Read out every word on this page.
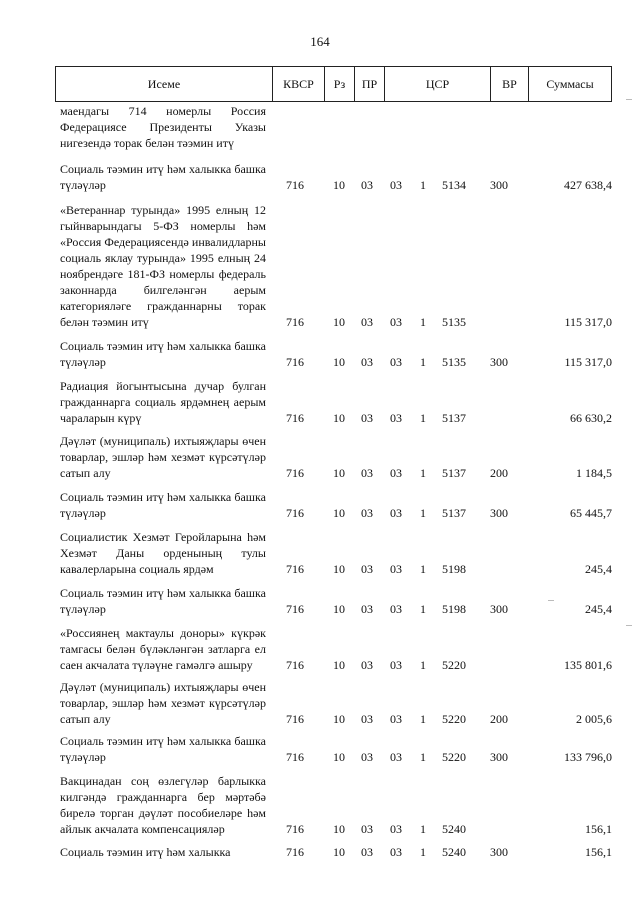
164
Исеме	КВСР	Рз	ПР	ЦСР	ВР	Суммасы
маендагы 714 номерлы Россия Федерациясе Президенты Указы нигезендә торак белән тәэмин итү
Социаль тәэмин итү һәм халыкка башка түләүләр	716 10 03 03 1 5134 300	427 638,4
«Ветераннар турында» 1995 елның 12 гыйнварындагы 5-ФЗ номерлы һәм «Россия Федерациясендә инвалидларны социаль яклау турында» 1995 елның 24 ноябрендәге 181-ФЗ номерлы федераль законнарда билгеләнгән аерым категорияләге гражданнарны торак белән тәэмин итү	716 10 03 03 1 5135	115 317,0
Социаль тәэмин итү һәм халыкка башка түләүләр	716 10 03 03 1 5135 300	115 317,0
Радиация йогынтысына дучар булган гражданнарга социаль ярдәмнең аерым чараларын күрү	716 10 03 03 1 5137	66 630,2
Дәүләт (муниципаль) ихтыяҗлары өчен товарлар, эшләр һәм хезмәт күрсәтүләр сатып алу	716 10 03 03 1 5137 200	1 184,5
Социаль тәэмин итү һәм халыкка башка түләүләр	716 10 03 03 1 5137 300	65 445,7
Социалистик Хезмәт Геройларына һәм Хезмәт Даны орденының тулы кавалерларына социаль ярдәм	716 10 03 03 1 5198	245,4
Социаль тәэмин итү һәм халыкка башка түләүләр	716 10 03 03 1 5198 300	245,4
«Россиянең мактаулы доноры» күкрәк тамгасы белән бүләкләнгән затларга ел саен акчалата түләүне гамәлгә ашыру	716 10 03 03 1 5220	135 801,6
Дәүләт (муниципаль) ихтыяҗлары өчен товарлар, эшләр һәм хезмәт күрсәтүләр сатып алу	716 10 03 03 1 5220 200	2 005,6
Социаль тәэмин итү һәм халыкка башка түләүләр	716 10 03 03 1 5220 300	133 796,0
Вакцинадан соң өзлегүләр барлыкка килгәндә гражданнарга бер мәртәбә бирелә торган дәүләт пособиеләре һәм айлык акчалата компенсацияләр	716 10 03 03 1 5240	156,1
Социаль тәэмин итү һәм халыкка	716 10 03 03 1 5240 300	156,1
